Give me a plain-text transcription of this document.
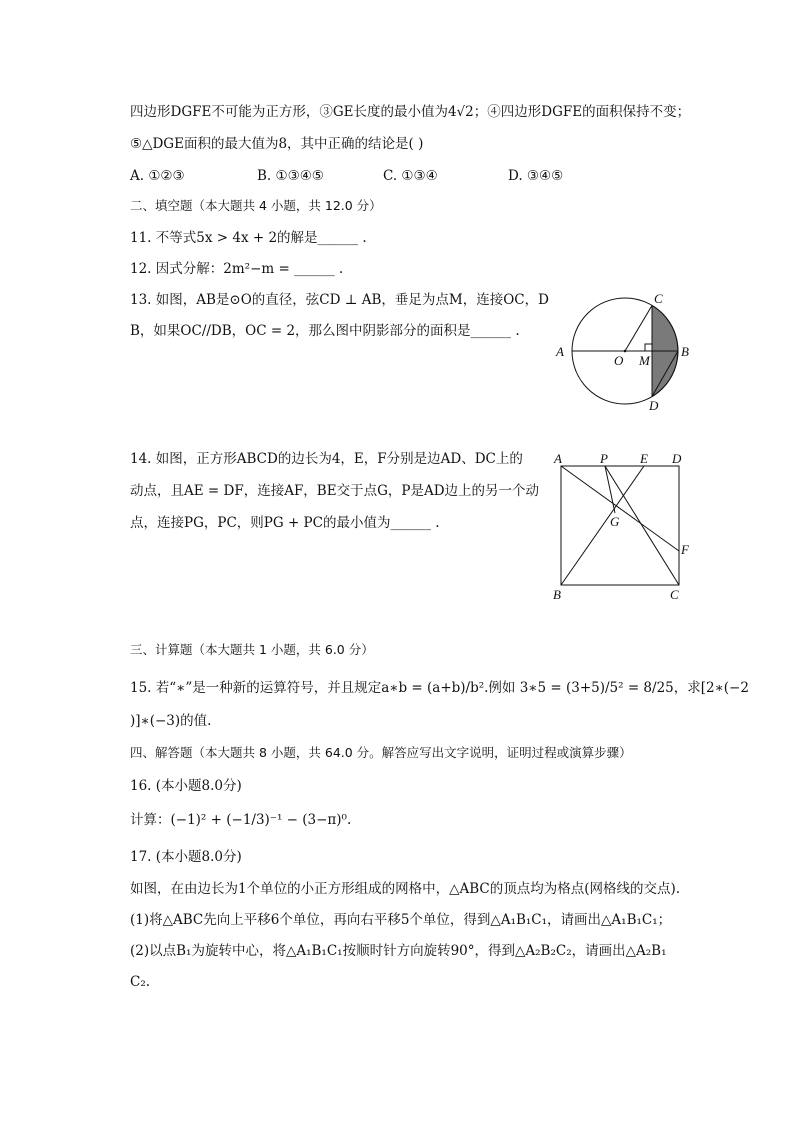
四边形DGFE不可能为正方形，③GE长度的最小值为4√2；④四边形DGFE的面积保持不变；
⑤△DGE面积的最大值为8，其中正确的结论是( )
A. ①②③	B. ①③④⑤	C. ①③④	D. ③④⑤
二、填空题（本大题共 4 小题，共 12.0 分）
11. 不等式5x > 4x + 2的解是______ .
12. 因式分解：2m²−m = ______ .
13. 如图，AB是⊙O的直径，弦CD ⊥ AB，垂足为点M，连接OC，D
B，如果OC//DB，OC = 2，那么图中阴影部分的面积是______ .
A
O M
B
C
D
14. 如图，正方形ABCD的边长为4，E，F分别是边AD、DC上的
动点，且AE = DF，连接AF，BE交于点G，P是AD边上的另一个动
点，连接PG，PC，则PG + PC的最小值为______ .
A	P E D
G
F
B	C
三、计算题（本大题共 1 小题，共 6.0 分）
15. 若“∗”是一种新的运算符号，并且规定a∗b = (a+b)/b².例如 3∗5 = (3+5)/5² = 8/25，求[2∗(−2
)]∗(−3)的值.
四、解答题（本大题共 8 小题，共 64.0 分。解答应写出文字说明，证明过程或演算步骤）
16. (本小题8.0分)
计算：(−1)² + (−1/3)⁻¹ − (3−π)⁰.
17. (本小题8.0分)
如图，在由边长为1个单位的小正方形组成的网格中，△ABC的顶点均为格点(网格线的交点).
(1)将△ABC先向上平移6个单位，再向右平移5个单位，得到△A₁B₁C₁，请画出△A₁B₁C₁；
(2)以点B₁为旋转中心，将△A₁B₁C₁按顺时针方向旋转90°，得到△A₂B₂C₂，请画出△A₂B₁
C₂.
